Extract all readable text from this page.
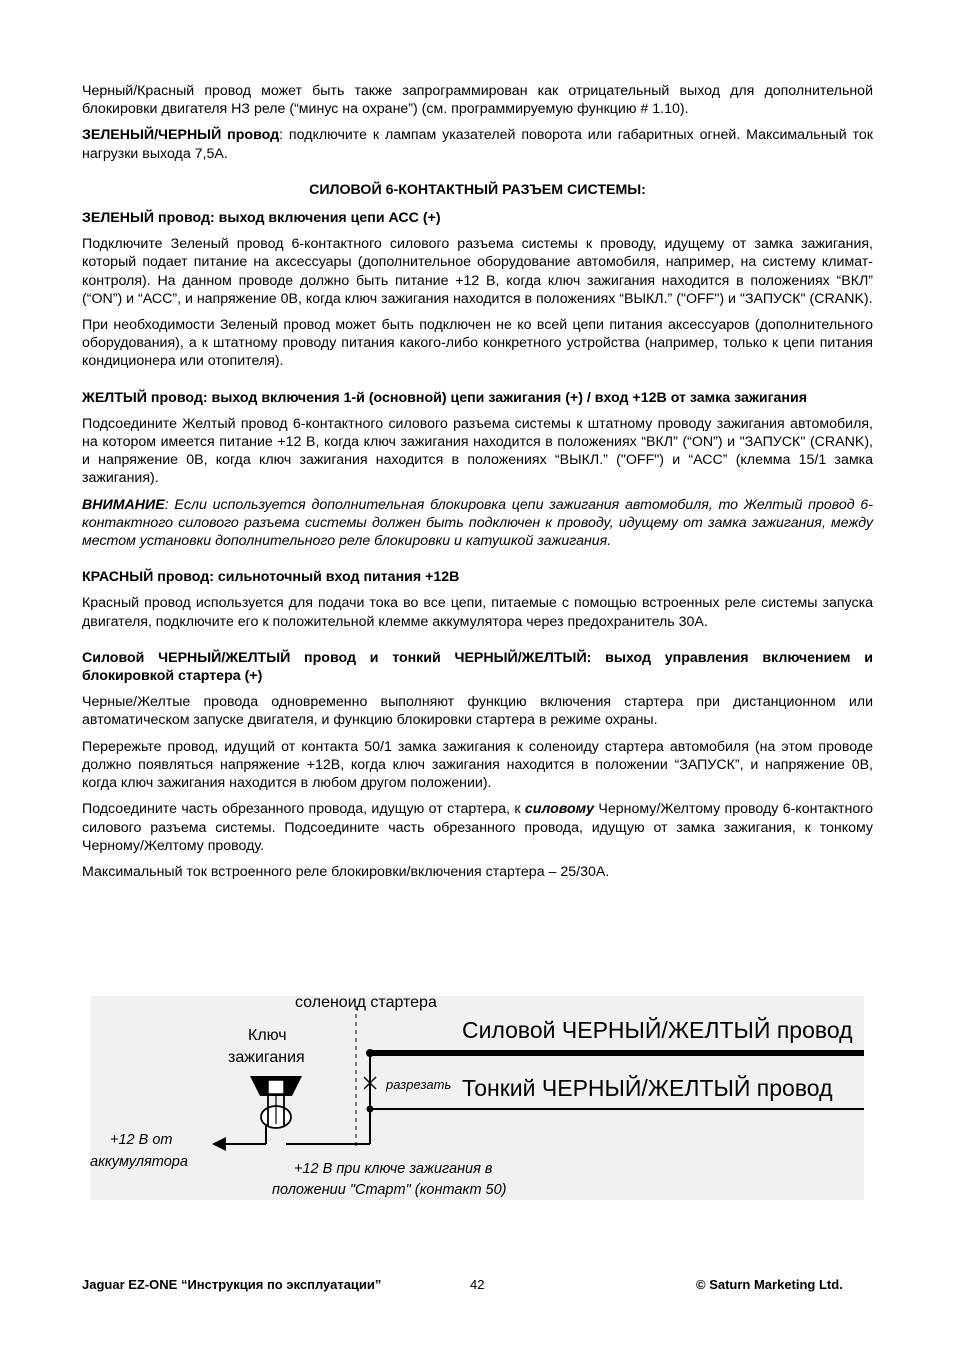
Черный/Красный провод может быть также запрограммирован как отрицательный выход для дополнительной блокировки двигателя НЗ реле (“минус на охране”) (см. программируемую функцию # 1.10).

ЗЕЛЕНЫЙ/ЧЕРНЫЙ провод: подключите к лампам указателей поворота или габаритных огней. Максимальный ток нагрузки выхода 7,5А.

СИЛОВОЙ 6-КОНТАКТНЫЙ РАЗЪЕМ СИСТЕМЫ:
ЗЕЛЕНЫЙ провод: выход включения цепи АСС (+)

Подключите Зеленый провод 6-контактного силового разъема системы к проводу, идущему от замка зажигания, который подает питание на аксессуары (дополнительное оборудование автомобиля, например, на систему климат-контроля). На данном проводе должно быть питание +12 В, когда ключ зажигания находится в положениях “ВКЛ” (“ON”) и “АСС”, и напряжение 0В, когда ключ зажигания находится в положениях “ВЫКЛ.” ("OFF") и "ЗАПУСК" (CRANK).

При необходимости Зеленый провод может быть подключен не ко всей цепи питания аксессуаров (дополнительного оборудования), а к штатному проводу питания какого-либо конкретного устройства (например, только к цепи питания кондиционера или отопителя).

ЖЕЛТЫЙ провод: выход включения 1-й (основной) цепи зажигания (+) / вход +12В от замка зажигания

Подсоедините Желтый провод 6-контактного силового разъема системы к штатному проводу зажигания автомобиля, на котором имеется питание +12 В, когда ключ зажигания находится в положениях “ВКЛ” (“ON”) и "ЗАПУСК" (CRANK), и напряжение 0В, когда ключ зажигания находится в положениях “ВЫКЛ.” ("OFF") и “АСС” (клемма 15/1 замка зажигания).

ВНИМАНИЕ: Если используется дополнительная блокировка цепи зажигания автомобиля, то Желтый провод 6-контактного силового разъема системы должен быть подключен к проводу, идущему от замка зажигания, между местом установки дополнительного реле блокировки и катушкой зажигания.

КРАСНЫЙ провод: сильноточный вход питания +12В

Красный провод используется для подачи тока во все цепи, питаемые с помощью встроенных реле системы запуска двигателя, подключите его к положительной клемме аккумулятора через предохранитель 30А.

Силовой ЧЕРНЫЙ/ЖЕЛТЫЙ провод и тонкий ЧЕРНЫЙ/ЖЕЛТЫЙ: выход управления включением и блокировкой стартера (+)

Черные/Желтые провода одновременно выполняют функцию включения стартера при дистанционном или автоматическом запуске двигателя, и функцию блокировки стартера в режиме охраны.

Перережьте провод, идущий от контакта 50/1 замка зажигания к соленоиду стартера автомобиля (на этом проводе должно появляться напряжение +12В, когда ключ зажигания находится в положении “ЗАПУСК”, и напряжение 0В, когда ключ зажигания находится в любом другом положении).

Подсоедините часть обрезанного провода, идущую от стартера, к силовому Черному/Желтому проводу 6-контактного силового разъема системы. Подсоедините часть обрезанного провода, идущую от замка зажигания, к тонкому Черному/Желтому проводу.

Максимальный ток встроенного реле блокировки/включения стартера – 25/30А.

соленоид стартера
Ключ
зажигания
Силовой ЧЕРНЫЙ/ЖЕЛТЫЙ провод
разрезать Тонкий ЧЕРНЫЙ/ЖЕЛТЫЙ провод
+12 В от
аккумулятора	+12 В при ключе зажигания в
положении "Старт" (контакт 50)
Jaguar EZ-ONE “Инструкция по эксплуатации”	42	© Saturn Marketing Ltd.
